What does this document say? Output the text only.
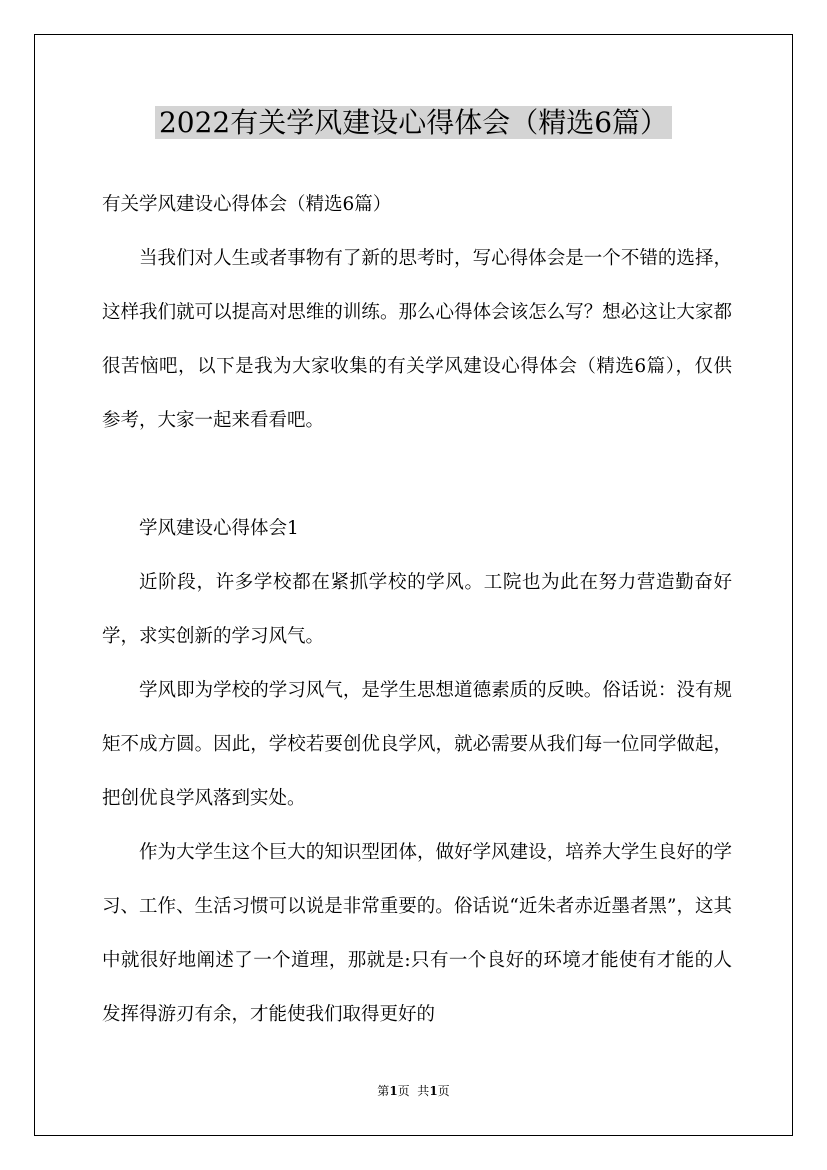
2022有关学风建设心得体会（精选6篇）

有关学风建设心得体会（精选6篇）

当我们对人生或者事物有了新的思考时，写心得体会是一个不错的选择，这样我们就可以提高对思维的训练。那么心得体会该怎么写？想必这让大家都很苦恼吧，以下是我为大家收集的有关学风建设心得体会（精选6篇），仅供参考，大家一起来看看吧。

学风建设心得体会1

近阶段，许多学校都在紧抓学校的学风。工院也为此在努力营造勤奋好学，求实创新的学习风气。

学风即为学校的学习风气，是学生思想道德素质的反映。俗话说：没有规矩不成方圆。因此，学校若要创优良学风，就必需要从我们每一位同学做起，把创优良学风落到实处。

作为大学生这个巨大的知识型团体，做好学风建设，培养大学生良好的学习、工作、生活习惯可以说是非常重要的。俗话说“近朱者赤近墨者黑”，这其中就很好地阐述了一个道理，那就是:只有一个良好的环境才能使有才能的人发挥得游刃有余，才能使我们取得更好的

第1页  共1页
